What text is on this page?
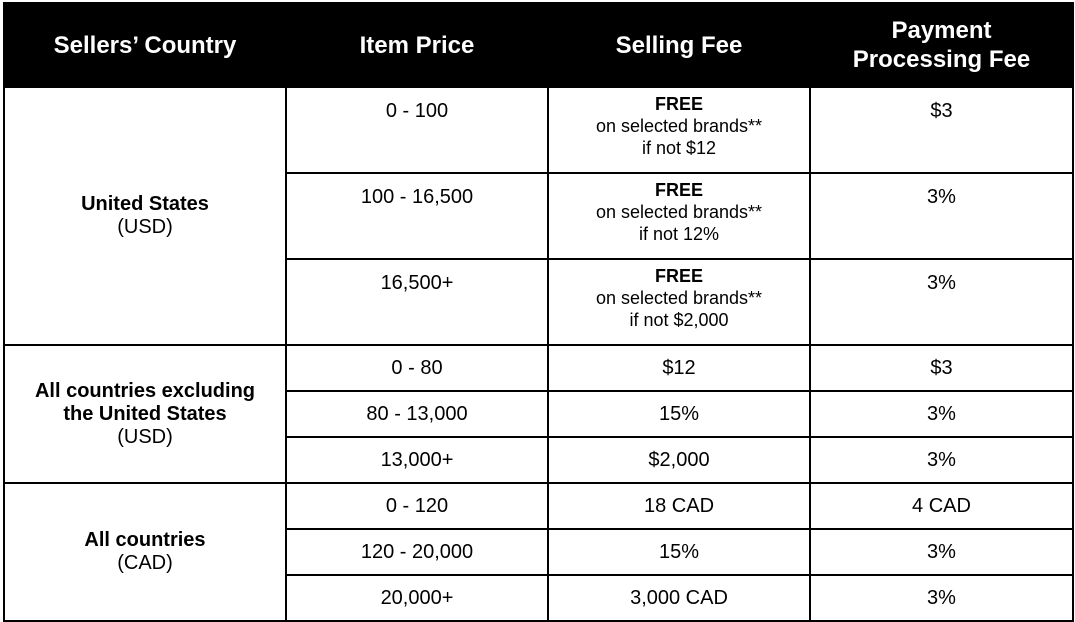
Sellers’ Country	Item Price	Selling Fee	Payment
Processing Fee

United States
(USD)	0 - 100	FREE
on selected brands**
if not $12	$3
	100 - 16,500	FREE
on selected brands**
if not 12%	3%
	16,500+	FREE
on selected brands**
if not $2,000	3%

All countries excluding
the United States
(USD)	0 - 80	$12	$3
	80 - 13,000	15%	3%
	13,000+	$2,000	3%

All countries
(CAD)	0 - 120	18 CAD	4 CAD
	120 - 20,000	15%	3%
	20,000+	3,000 CAD	3%
